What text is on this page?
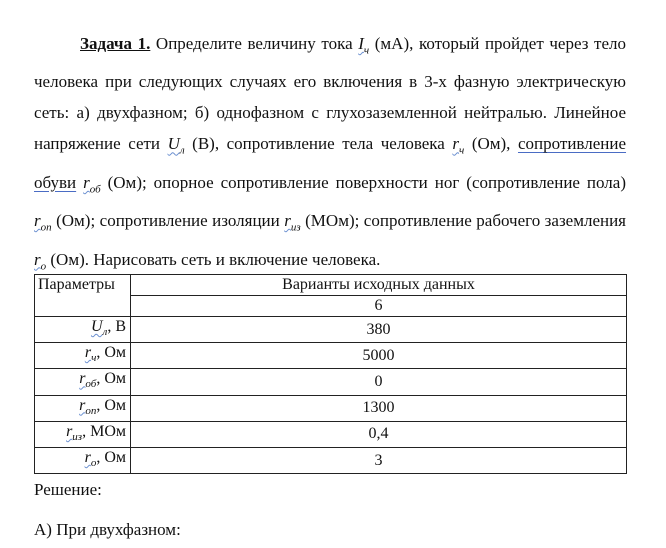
Задача 1. Определите величину тока $I_ч$ (мА), который пройдет через тело человека при следующих случаях его включения в 3-х фазную электрическую сеть: а) двухфазном; б) однофазном с глухозаземленной нейтралью. Линейное напряжение сети $U_л$ (В), сопротивление тела человека $r_ч$ (Ом), сопротивление обуви $r_{об}$ (Ом); опорное сопротивление поверхности ног (сопротивление пола) $r_{оп}$ (Ом); сопротивление изоляции $r_{из}$ (МОм); сопротивление рабочего заземления $r_о$ (Ом). Нарисовать сеть и включение человека.
Параметры	Варианты исходных данных
	6
$U_л$, В	380
$r_ч$, Ом	5000
$r_{об}$, Ом	0
$r_{оп}$, Ом	1300
$r_{из}$, МОм	0,4
$r_о$, Ом	3
Решение:
А) При двухфазном:
